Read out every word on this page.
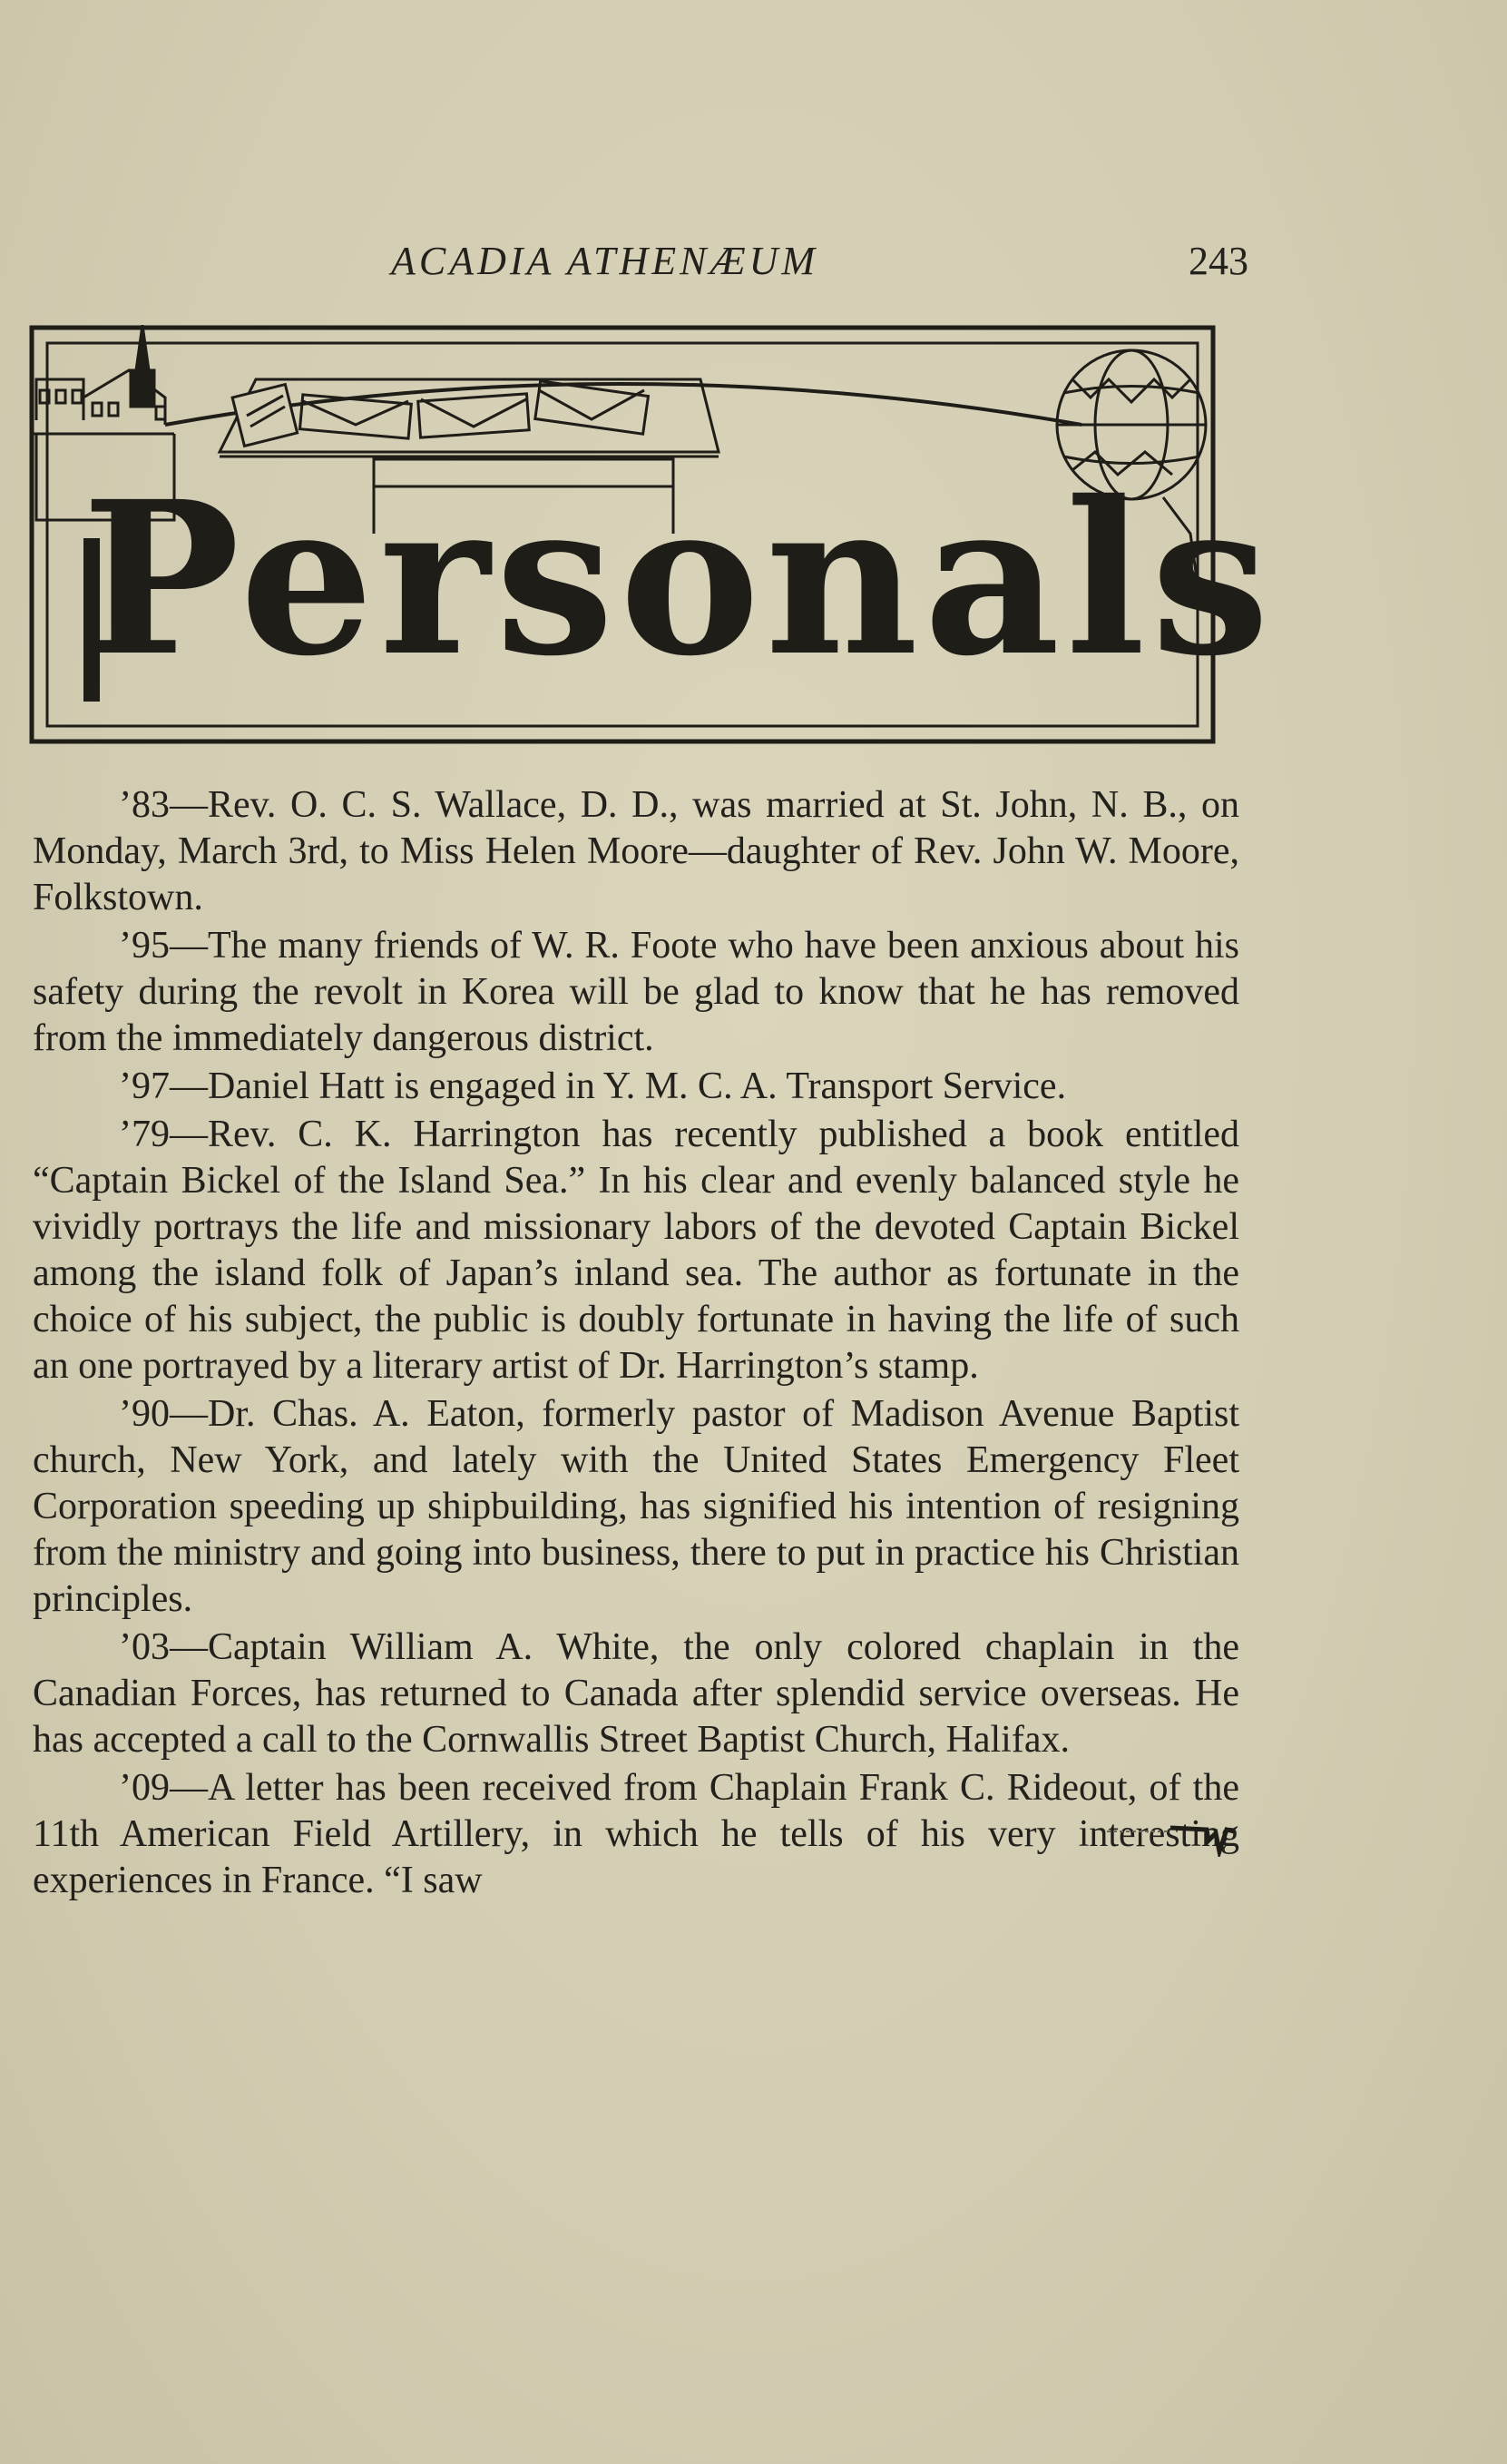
ACADIA ATHENÆUM	243
Personals

’83—Rev. O. C. S. Wallace, D. D., was married at St. John, N. B., on Monday, March 3rd, to Miss Helen Moore—daughter of Rev. John W. Moore, Folkstown.

’95—The many friends of W. R. Foote who have been anxious about his safety during the revolt in Korea will be glad to know that he has removed from the immediately dangerous district.

’97—Daniel Hatt is engaged in Y. M. C. A. Transport Service.

’79—Rev. C. K. Harrington has recently published a book entitled “Captain Bickel of the Island Sea.” In his clear and evenly balanced style he vividly portrays the life and missionary labors of the devoted Captain Bickel among the island folk of Japan’s inland sea. The author as fortunate in the choice of his subject, the public is doubly fortunate in having the life of such an one portrayed by a literary artist of Dr. Harrington’s stamp.

’90—Dr. Chas. A. Eaton, formerly pastor of Madison Avenue Baptist church, New York, and lately with the United States Emergency Fleet Corporation speeding up shipbuilding, has signified his intention of resigning from the ministry and going into business, there to put in practice his Christian principles.

’03—Captain William A. White, the only colored chaplain in the Canadian Forces, has returned to Canada after splendid service overseas. He has accepted a call to the Cornwallis Street Baptist Church, Halifax.

’09—A letter has been received from Chaplain Frank C. Rideout, of the 11th American Field Artillery, in which he tells of his very interesting experiences in France. “I saw
